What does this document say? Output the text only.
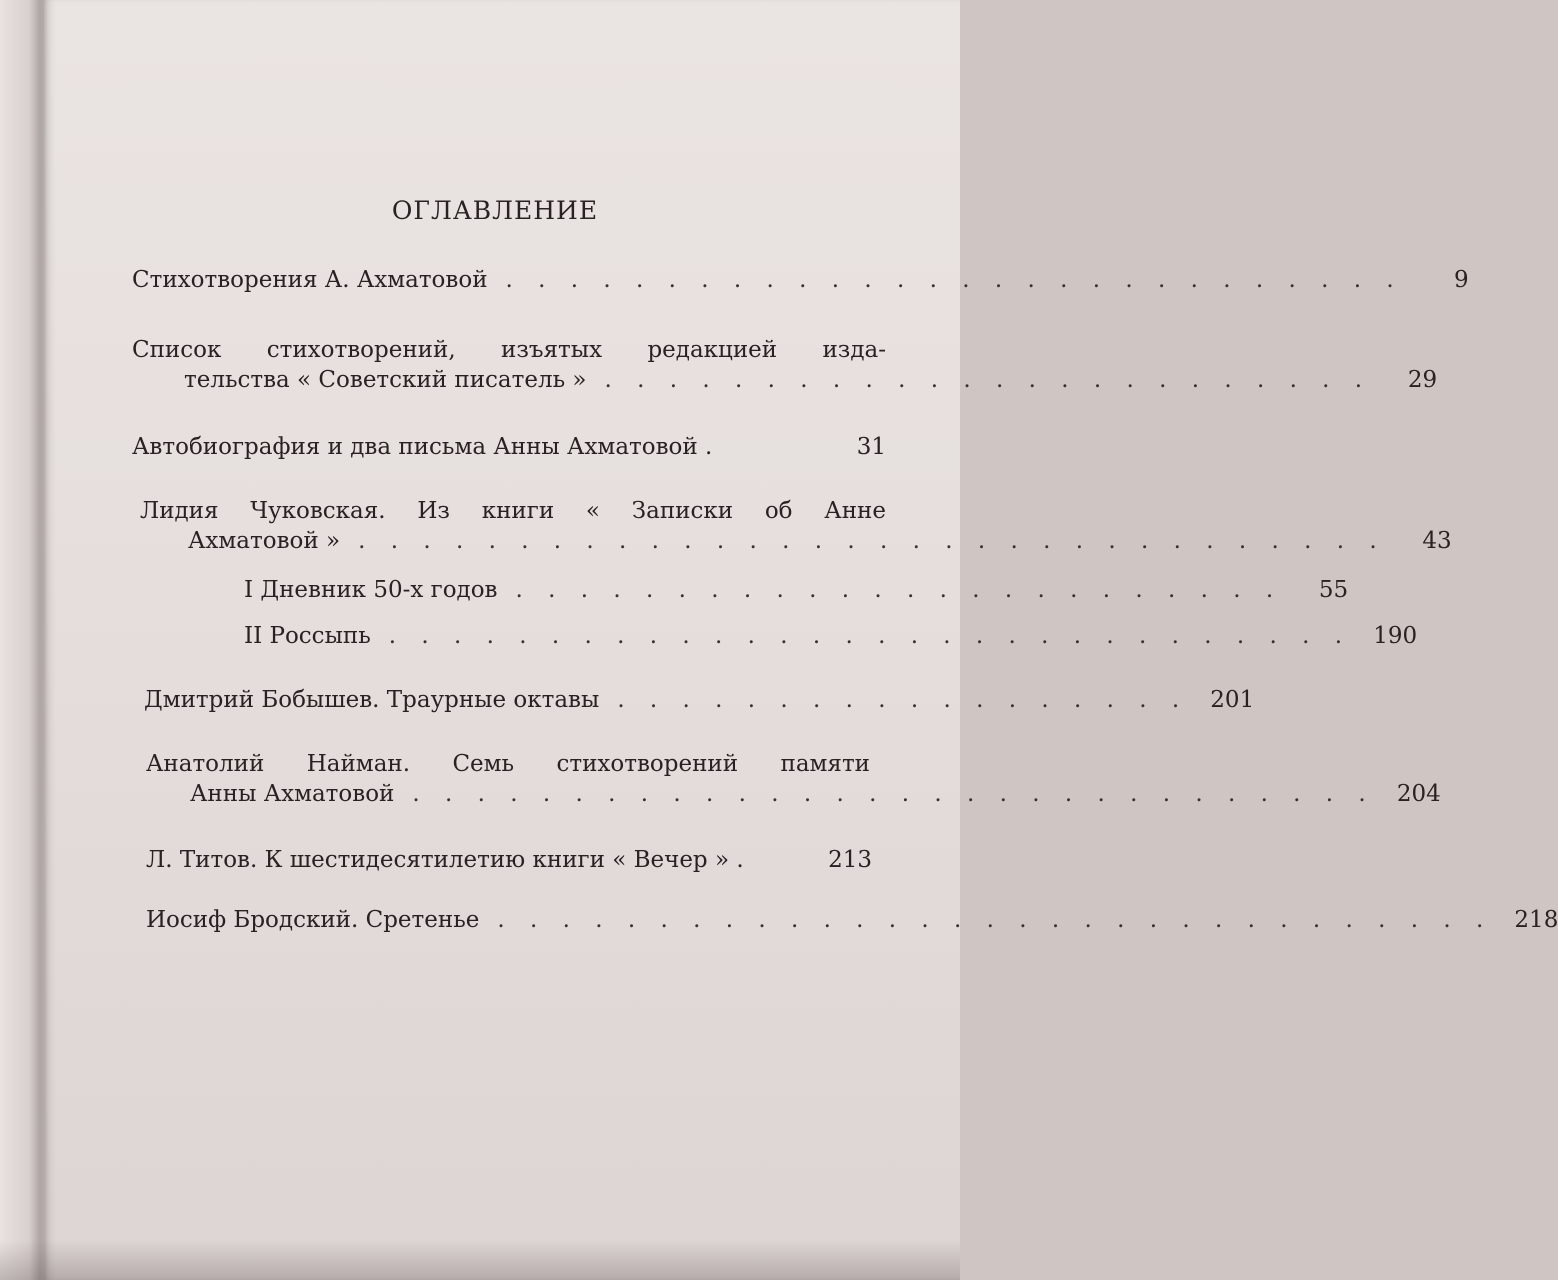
ОГЛАВЛЕНИЕ
Стихотворения А. Ахматовой . . . . . . . . . . . . . . . . . . . . . . . . . . . .	9
Список стихотворений, изъятых редакцией изда-
тельства « Советский писатель » . . . . . . . . . . . . . . . . . . . . . . . .	29
Автобиография и два письма Анны Ахматовой .	31
Лидия Чуковская. Из книги « Записки об Анне
Ахматовой » . . . . . . . . . . . . . . . . . . . . . . . . . . . . . . . .	43
I Дневник 50-х годов . . . . . . . . . . . . . . . . . . . . . . . .	55
II Россыпь . . . . . . . . . . . . . . . . . . . . . . . . . . . . . . 190
Дмитрий Бобышев. Траурные октавы . . . . . . . . . . . . . . . . . . 201
Анатолий Найман. Семь стихотворений памяти
Анны Ахматовой . . . . . . . . . . . . . . . . . . . . . . . . . . . . . . 204
Л. Титов. К шестидесятилетию книги « Вечер » .	213
Иосиф Бродский. Сретенье . . . . . . . . . . . . . . . . . . . . . . . . . . . . . . . 218
